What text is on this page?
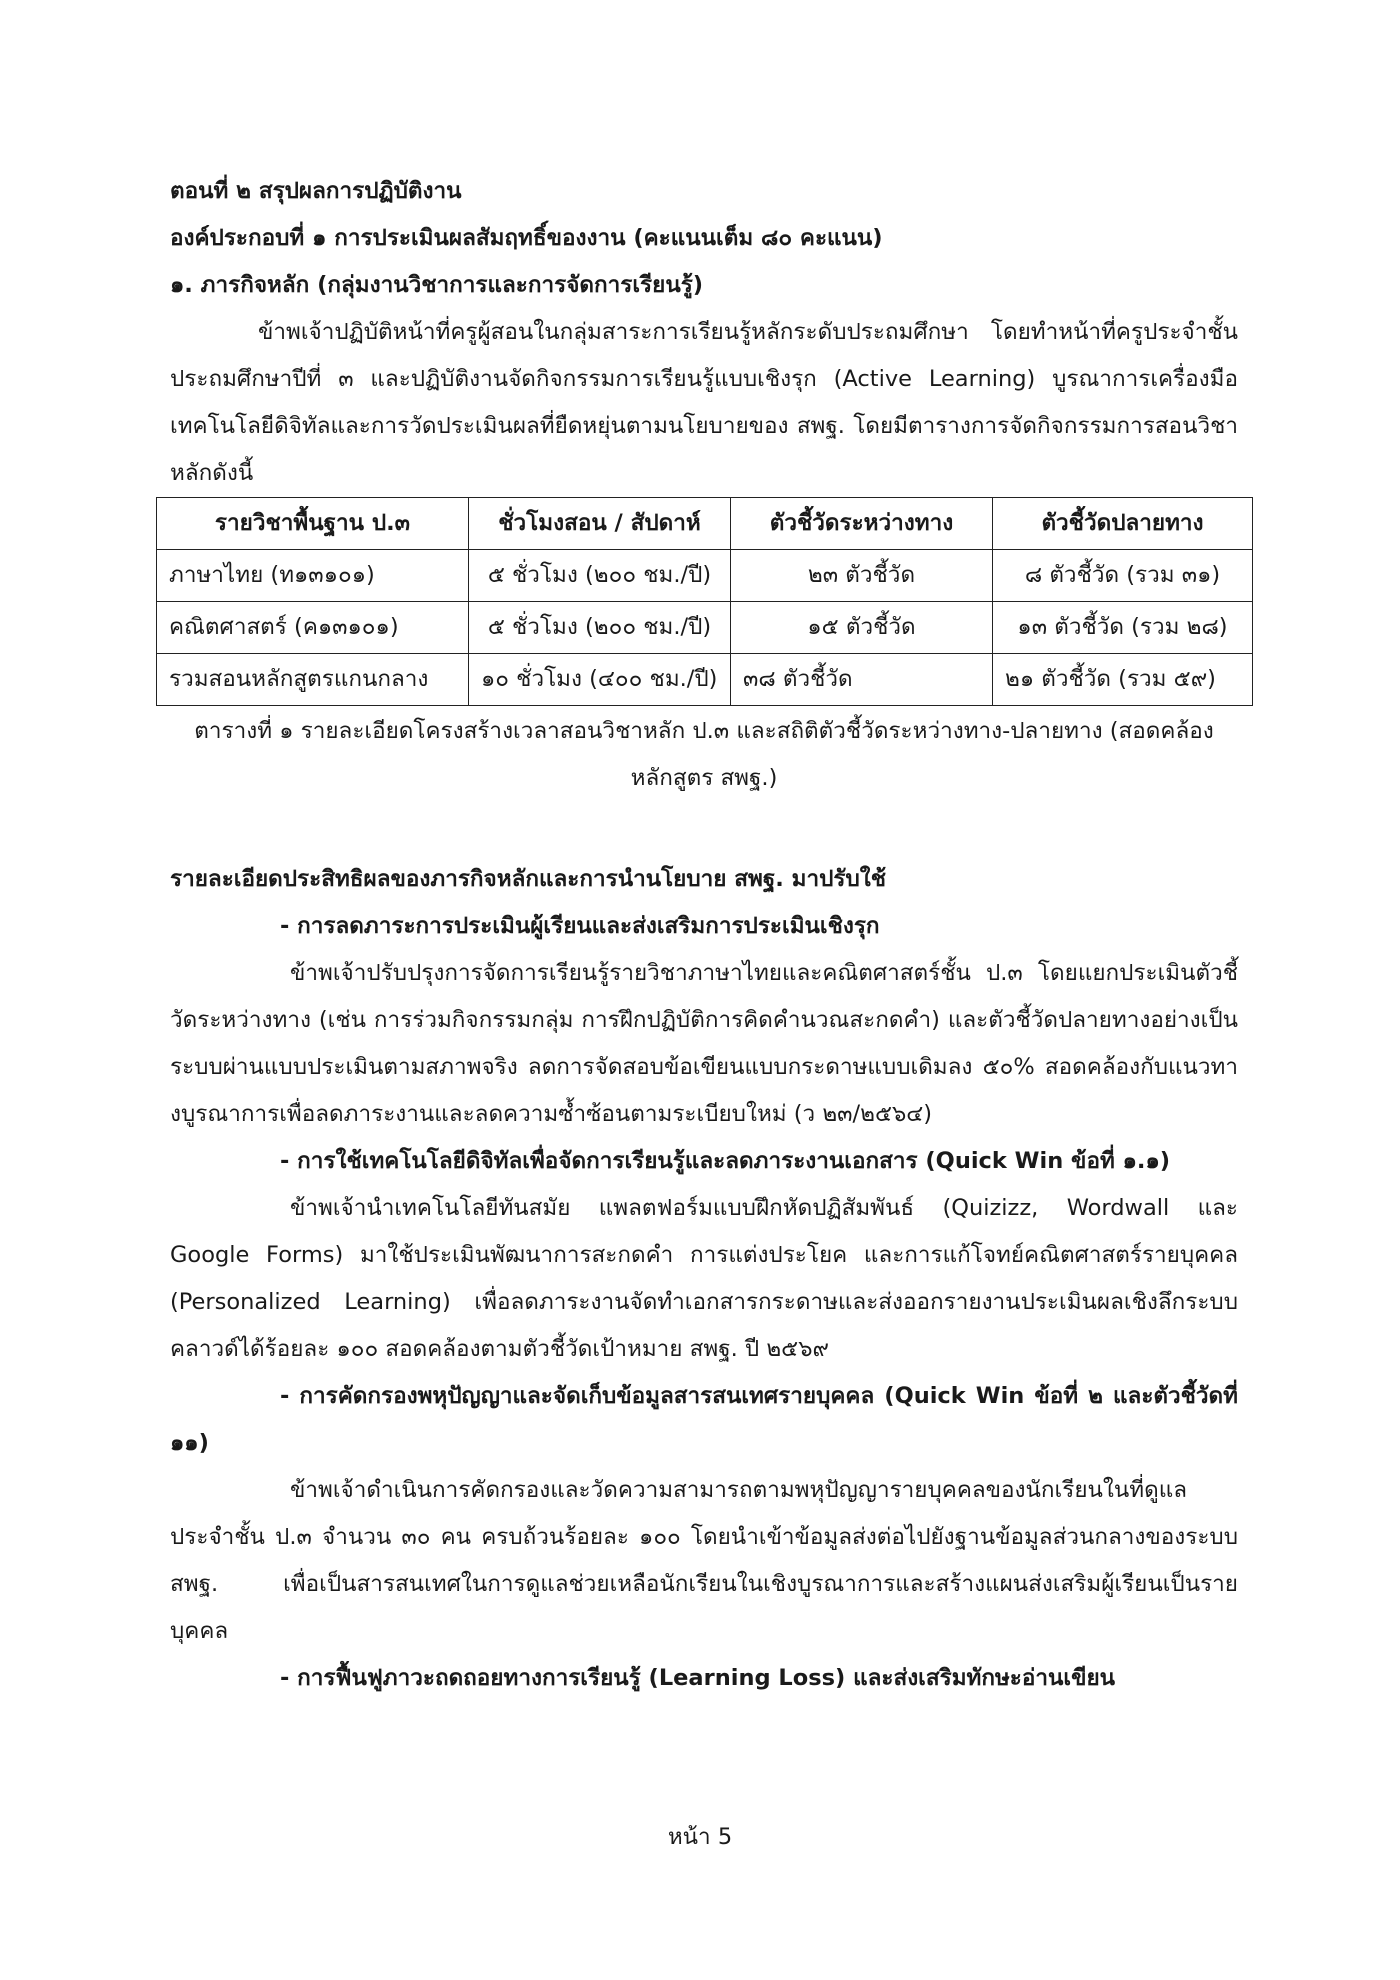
ตอนที่ ๒ สรุปผลการปฏิบัติงาน

องค์ประกอบที่ ๑ การประเมินผลสัมฤทธิ์ของงาน (คะแนนเต็ม ๘๐ คะแนน)

๑. ภารกิจหลัก (กลุ่มงานวิชาการและการจัดการเรียนรู้)

ข้าพเจ้าปฏิบัติหน้าที่ครูผู้สอนในกลุ่มสาระการเรียนรู้หลักระดับประถมศึกษา โดยทำหน้าที่ครูประจำชั้นประถมศึกษาปีที่ ๓ และปฏิบัติงานจัดกิจกรรมการเรียนรู้แบบเชิงรุก (Active Learning) บูรณาการเครื่องมือเทคโนโลยีดิจิทัลและการวัดประเมินผลที่ยืดหยุ่นตามนโยบายของ สพฐ. โดยมีตารางการจัดกิจกรรมการสอนวิชาหลักดังนี้

รายวิชาพื้นฐาน ป.๓	ชั่วโมงสอน / สัปดาห์	ตัวชี้วัดระหว่างทาง	ตัวชี้วัดปลายทาง
ภาษาไทย (ท๑๓๑๐๑)	๕ ชั่วโมง (๒๐๐ ชม./ปี)	๒๓ ตัวชี้วัด	๘ ตัวชี้วัด (รวม ๓๑)
คณิตศาสตร์ (ค๑๓๑๐๑)	๕ ชั่วโมง (๒๐๐ ชม./ปี)	๑๕ ตัวชี้วัด	๑๓ ตัวชี้วัด (รวม ๒๘)
รวมสอนหลักสูตรแกนกลาง	๑๐ ชั่วโมง (๔๐๐ ชม./ปี)	๓๘ ตัวชี้วัด	๒๑ ตัวชี้วัด (รวม ๕๙)

ตารางที่ ๑ รายละเอียดโครงสร้างเวลาสอนวิชาหลัก ป.๓ และสถิติตัวชี้วัดระหว่างทาง-ปลายทาง (สอดคล้องหลักสูตร สพฐ.)

รายละเอียดประสิทธิผลของภารกิจหลักและการนำนโยบาย สพฐ. มาปรับใช้

- การลดภาระการประเมินผู้เรียนและส่งเสริมการประเมินเชิงรุก

ข้าพเจ้าปรับปรุงการจัดการเรียนรู้รายวิชาภาษาไทยและคณิตศาสตร์ชั้น ป.๓ โดยแยกประเมินตัวชี้วัดระหว่างทาง (เช่น การร่วมกิจกรรมกลุ่ม การฝึกปฏิบัติการคิดคำนวณสะกดคำ) และตัวชี้วัดปลายทางอย่างเป็นระบบผ่านแบบประเมินตามสภาพจริง ลดการจัดสอบข้อเขียนแบบกระดาษแบบเดิมลง ๕๐% สอดคล้องกับแนวทางบูรณาการเพื่อลดภาระงานและลดความซ้ำซ้อนตามระเบียบใหม่ (ว ๒๓/๒๕๖๔)

- การใช้เทคโนโลยีดิจิทัลเพื่อจัดการเรียนรู้และลดภาระงานเอกสาร (Quick Win ข้อที่ ๑.๑)

ข้าพเจ้านำเทคโนโลยีทันสมัย แพลตฟอร์มแบบฝึกหัดปฏิสัมพันธ์ (Quizizz, Wordwall และ Google Forms) มาใช้ประเมินพัฒนาการสะกดคำ การแต่งประโยค และการแก้โจทย์คณิตศาสตร์รายบุคคล (Personalized Learning) เพื่อลดภาระงานจัดทำเอกสารกระดาษและส่งออกรายงานประเมินผลเชิงลึกระบบคลาวด์ได้ร้อยละ ๑๐๐ สอดคล้องตามตัวชี้วัดเป้าหมาย สพฐ. ปี ๒๕๖๙

- การคัดกรองพหุปัญญาและจัดเก็บข้อมูลสารสนเทศรายบุคคล (Quick Win ข้อที่ ๒ และตัวชี้วัดที่ ๑๑)

ข้าพเจ้าดำเนินการคัดกรองและวัดความสามารถตามพหุปัญญารายบุคคลของนักเรียนในที่ดูแลประจำชั้น ป.๓ จำนวน ๓๐ คน ครบถ้วนร้อยละ ๑๐๐ โดยนำเข้าข้อมูลส่งต่อไปยังฐานข้อมูลส่วนกลางของระบบ สพฐ. เพื่อเป็นสารสนเทศในการดูแลช่วยเหลือนักเรียนในเชิงบูรณาการและสร้างแผนส่งเสริมผู้เรียนเป็นรายบุคคล

- การฟื้นฟูภาวะถดถอยทางการเรียนรู้ (Learning Loss) และส่งเสริมทักษะอ่านเขียน

หน้า 5
